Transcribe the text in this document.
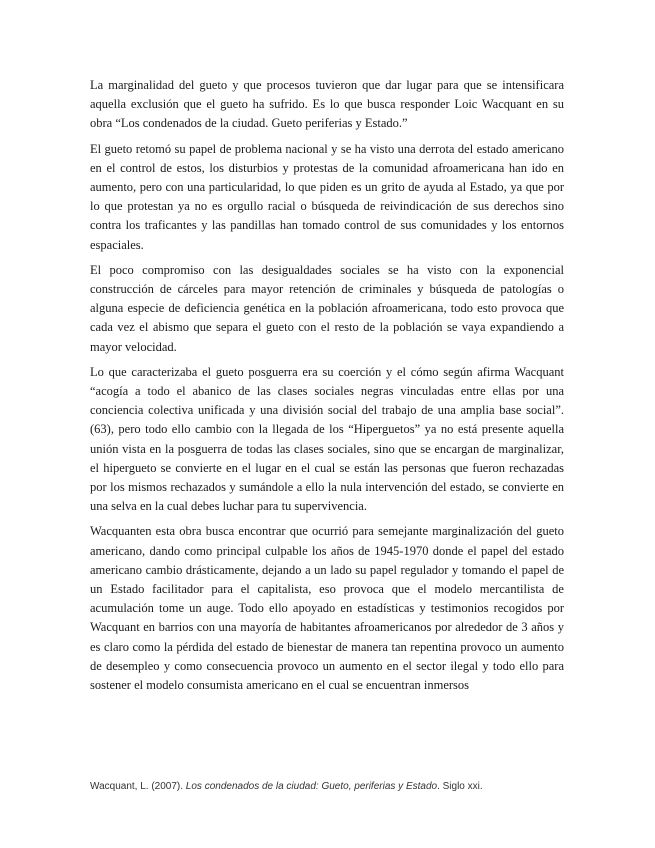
La marginalidad del gueto y que procesos tuvieron que dar lugar para que se intensificara aquella exclusión que el gueto ha sufrido. Es lo que busca responder Loic Wacquant en su obra “Los condenados de la ciudad. Gueto periferias y Estado.”

El gueto retomó su papel de problema nacional y se ha visto una derrota del estado americano en el control de estos, los disturbios y protestas de la comunidad afroamericana han ido en aumento, pero con una particularidad, lo que piden es un grito de ayuda al Estado, ya que por lo que protestan ya no es orgullo racial o búsqueda de reivindicación de sus derechos sino contra los traficantes y las pandillas han tomado control de sus comunidades y los entornos espaciales.

El poco compromiso con las desigualdades sociales se ha visto con la exponencial construcción de cárceles para mayor retención de criminales y búsqueda de patologías o alguna especie de deficiencia genética en la población afroamericana, todo esto provoca que cada vez el abismo que separa el gueto con el resto de la población se vaya expandiendo a mayor velocidad.

Lo que caracterizaba el gueto posguerra era su coerción y el cómo según afirma Wacquant “acogía a todo el abanico de las clases sociales negras vinculadas entre ellas por una conciencia colectiva unificada y una división social del trabajo de una amplia base social”. (63), pero todo ello cambio con la llegada de los “Hiperguetos” ya no está presente aquella unión vista en la posguerra de todas las clases sociales, sino que se encargan de marginalizar, el hipergueto se convierte en el lugar en el cual se están las personas que fueron rechazadas por los mismos rechazados y sumándole a ello la nula intervención del estado, se convierte en una selva en la cual debes luchar para tu supervivencia.

Wacquanten esta obra busca encontrar que ocurrió para semejante marginalización del gueto americano, dando como principal culpable los años de 1945-1970 donde el papel del estado americano cambio drásticamente, dejando a un lado su papel regulador y tomando el papel de un Estado facilitador para el capitalista, eso provoca que el modelo mercantilista de acumulación tome un auge. Todo ello apoyado en estadísticas y testimonios recogidos por Wacquant en barrios con una mayoría de habitantes afroamericanos por alrededor de 3 años y es claro como la pérdida del estado de bienestar de manera tan repentina provoco un aumento de desempleo y como consecuencia provoco un aumento en el sector ilegal y todo ello para sostener el modelo consumista americano en el cual se encuentran inmersos

Wacquant, L. (2007). Los condenados de la ciudad: Gueto, periferias y Estado. Siglo xxi.
